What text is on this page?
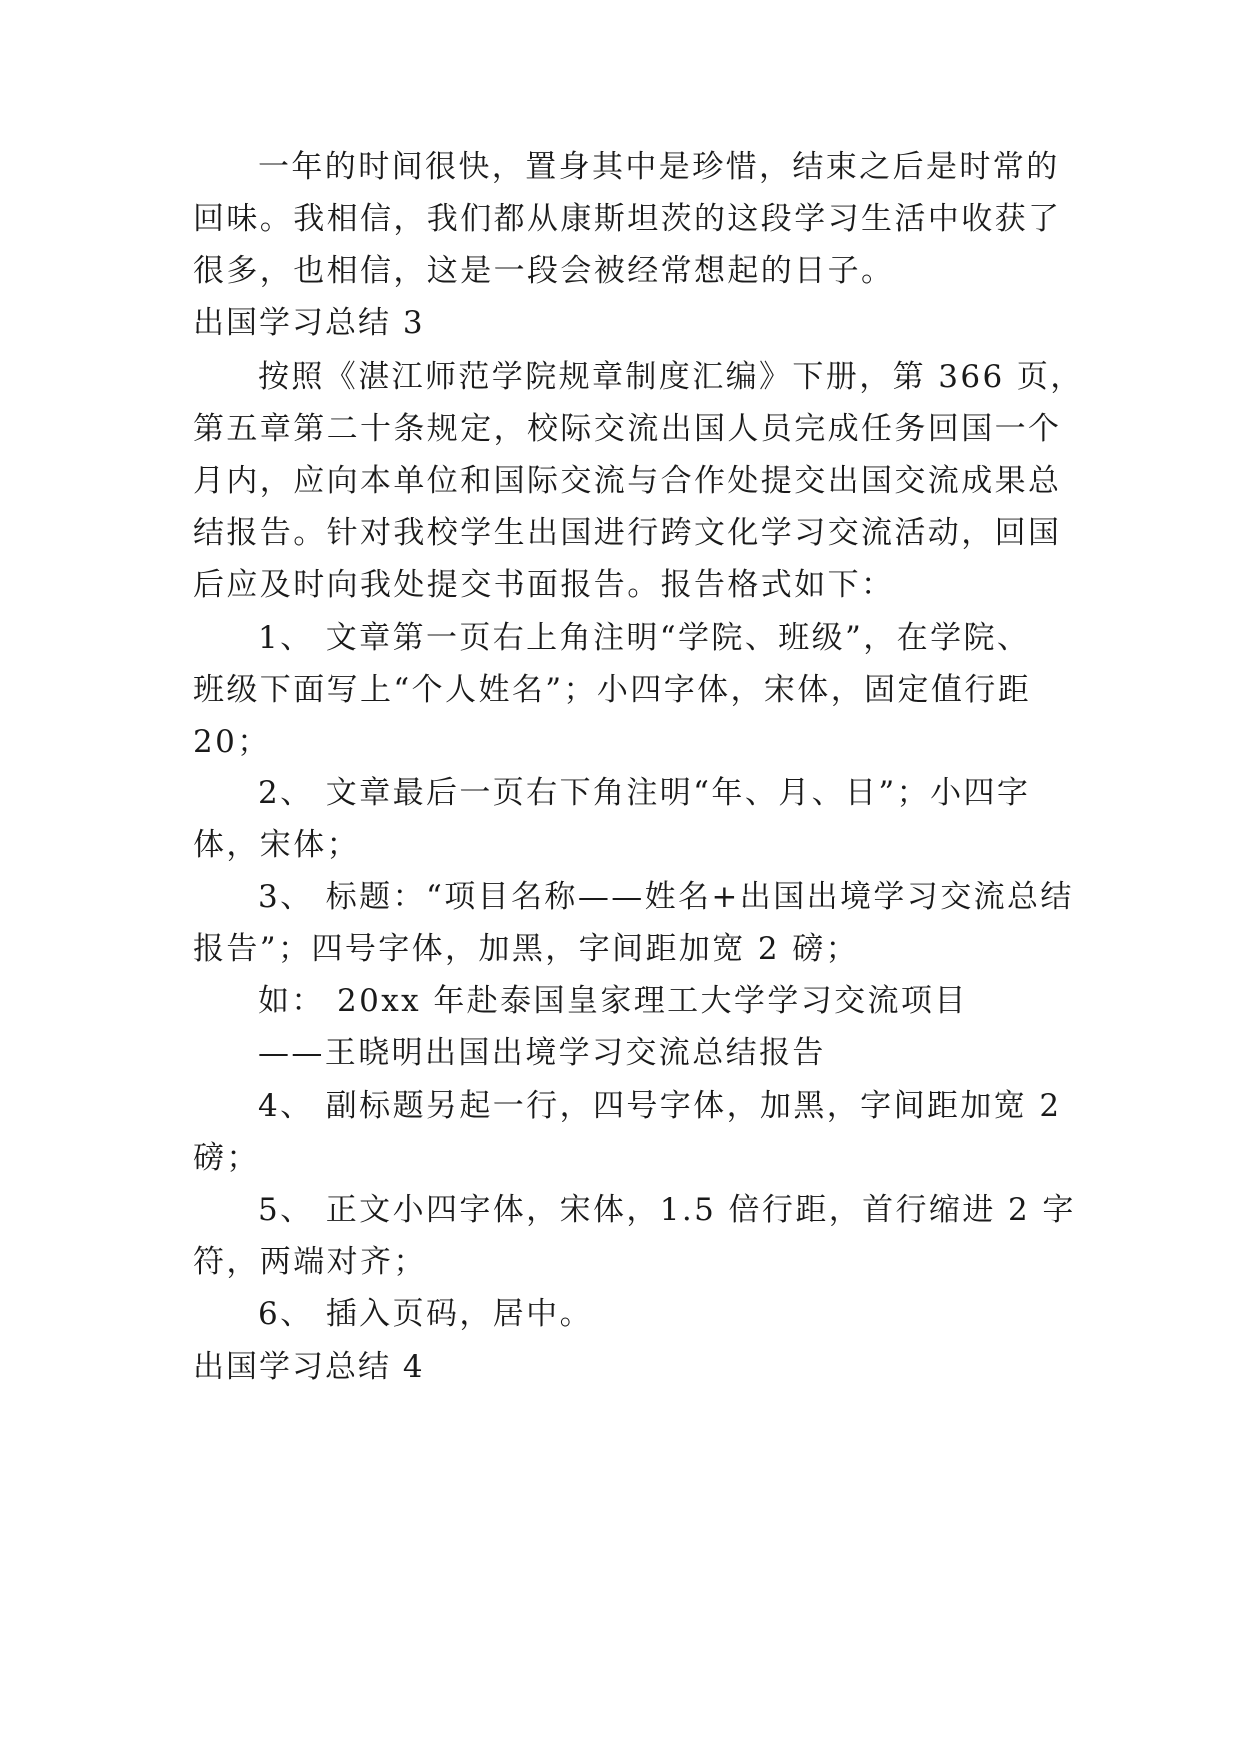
一年的时间很快，置身其中是珍惜，结束之后是时常的
回味。我相信，我们都从康斯坦茨的这段学习生活中收获了
很多，也相信，这是一段会被经常想起的日子。
出国学习总结 3
按照《湛江师范学院规章制度汇编》下册，第 366 页，
第五章第二十条规定，校际交流出国人员完成任务回国一个
月内，应向本单位和国际交流与合作处提交出国交流成果总
结报告。针对我校学生出国进行跨文化学习交流活动，回国
后应及时向我处提交书面报告。报告格式如下：
1、 文章第一页右上角注明“学院、班级”，在学院、
班级下面写上“个人姓名”；小四字体，宋体，固定值行距
20；
2、 文章最后一页右下角注明“年、月、日”；小四字
体，宋体；
3、 标题：“项目名称——姓名+出国出境学习交流总结
报告”；四号字体，加黑，字间距加宽 2 磅；
如： 20xx 年赴泰国皇家理工大学学习交流项目
——王晓明出国出境学习交流总结报告
4、 副标题另起一行，四号字体，加黑，字间距加宽 2
磅；
5、 正文小四字体，宋体，1.5 倍行距，首行缩进 2 字
符，两端对齐；
6、 插入页码，居中。
出国学习总结 4
